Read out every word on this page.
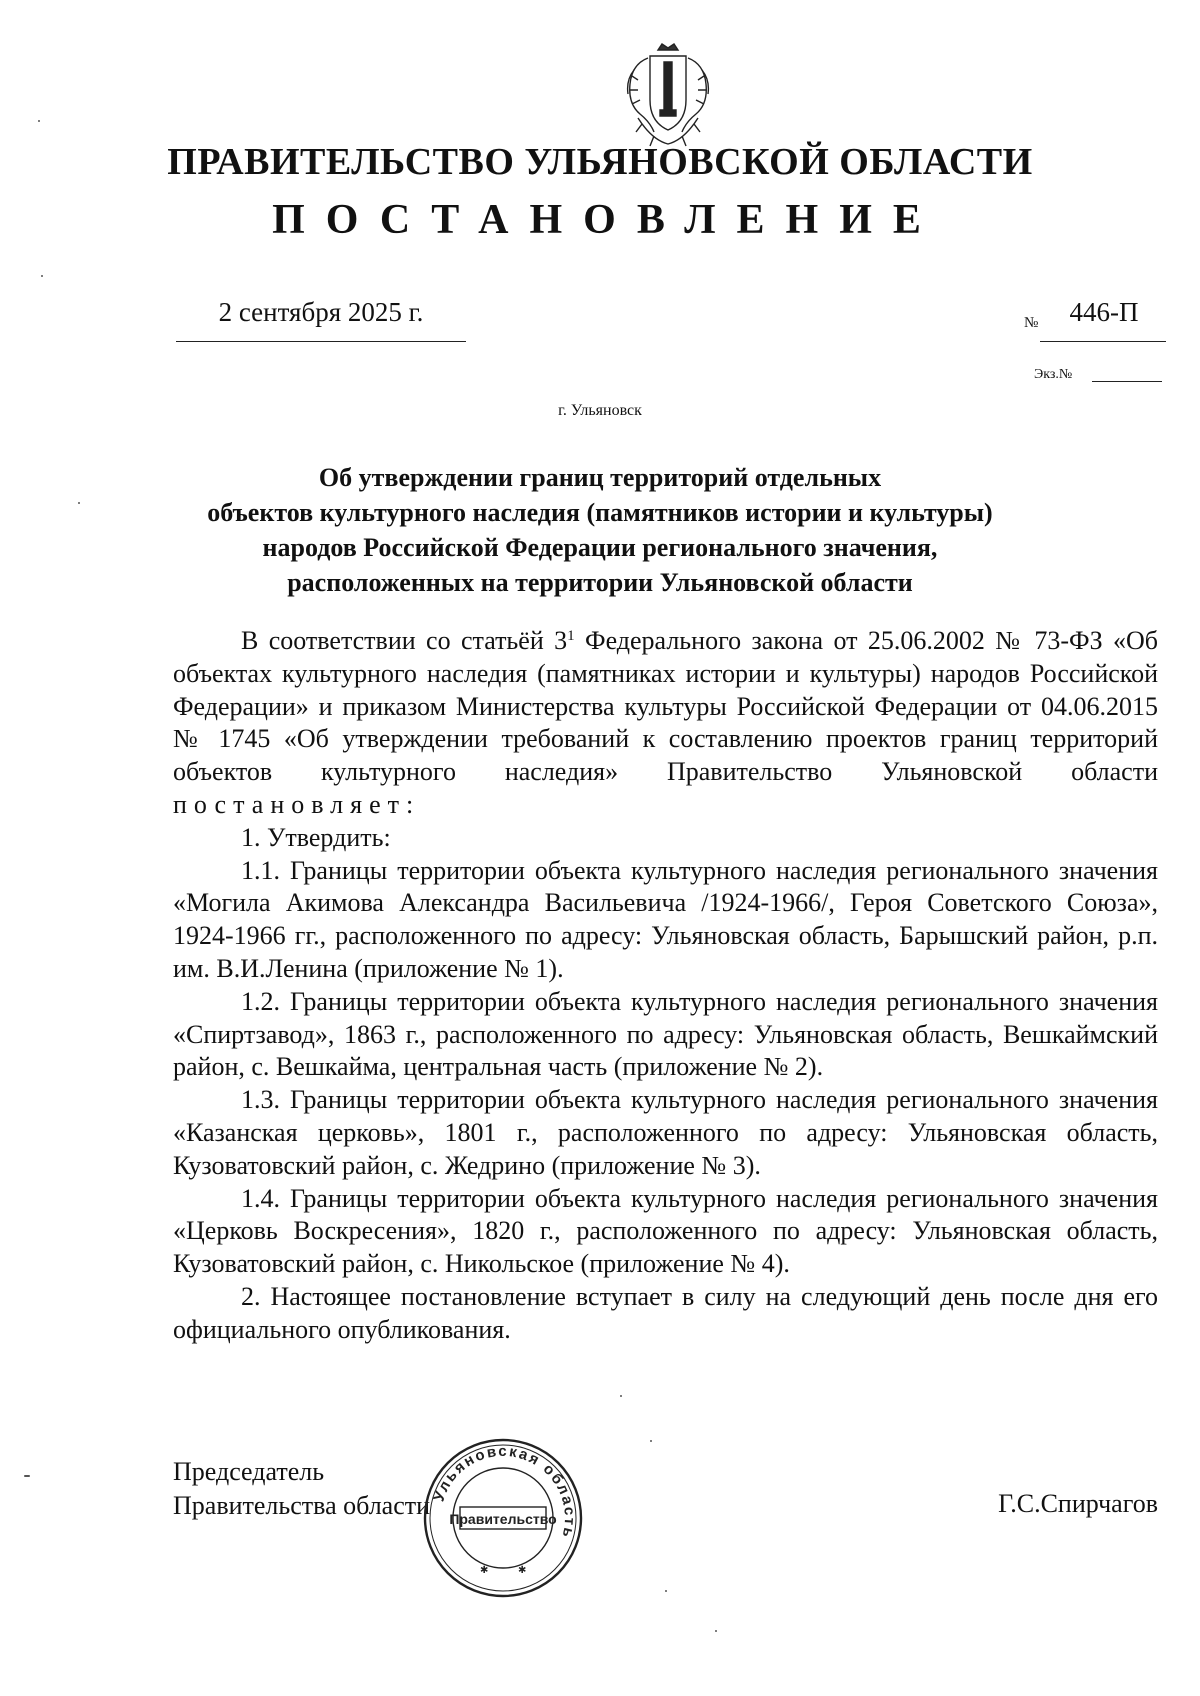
ПРАВИТЕЛЬСТВО УЛЬЯНОВСКОЙ ОБЛАСТИ
ПОСТАНОВЛЕНИЕ
2 сентября 2025 г.	№	446-П
Экз.№
г. Ульяновск
Об утверждении границ территорий отдельных
объектов культурного наследия (памятников истории и культуры)
народов Российской Федерации регионального значения,
расположенных на территории Ульяновской области

В соответствии со статьёй $3^1$ Федерального закона от 25.06.2002 № 73-ФЗ «Об объектах культурного наследия (памятниках истории и культуры) народов Российской Федерации» и приказом Министерства культуры Российской Федерации от 04.06.2015 № 1745 «Об утверждении требований к составлению проектов границ территорий объектов культурного наследия» Правительство Ульяновской области постановляет:

1. Утвердить:

1.1. Границы территории объекта культурного наследия регионального значения «Могила Акимова Александра Васильевича /1924-1966/, Героя Советского Союза», 1924-1966 гг., расположенного по адресу: Ульяновская область, Барышский район, р.п. им. В.И.Ленина (приложение № 1).

1.2. Границы территории объекта культурного наследия регионального значения «Спиртзавод», 1863 г., расположенного по адресу: Ульяновская область, Вешкаймский район, с. Вешкайма, центральная часть (приложение № 2).

1.3. Границы территории объекта культурного наследия регионального значения «Казанская церковь», 1801 г., расположенного по адресу: Ульяновская область, Кузоватовский район, с. Жедрино (приложение № 3).

1.4. Границы территории объекта культурного наследия регионального значения «Церковь Воскресения», 1820 г., расположенного по адресу: Ульяновская область, Кузоватовский район, с. Никольское (приложение № 4).

2. Настоящее постановление вступает в силу на следующий день после дня его официального опубликования.

Председатель
Правительства области	Г.С.Спирчагов
Ульяновская область
Правительство
✱	✱
